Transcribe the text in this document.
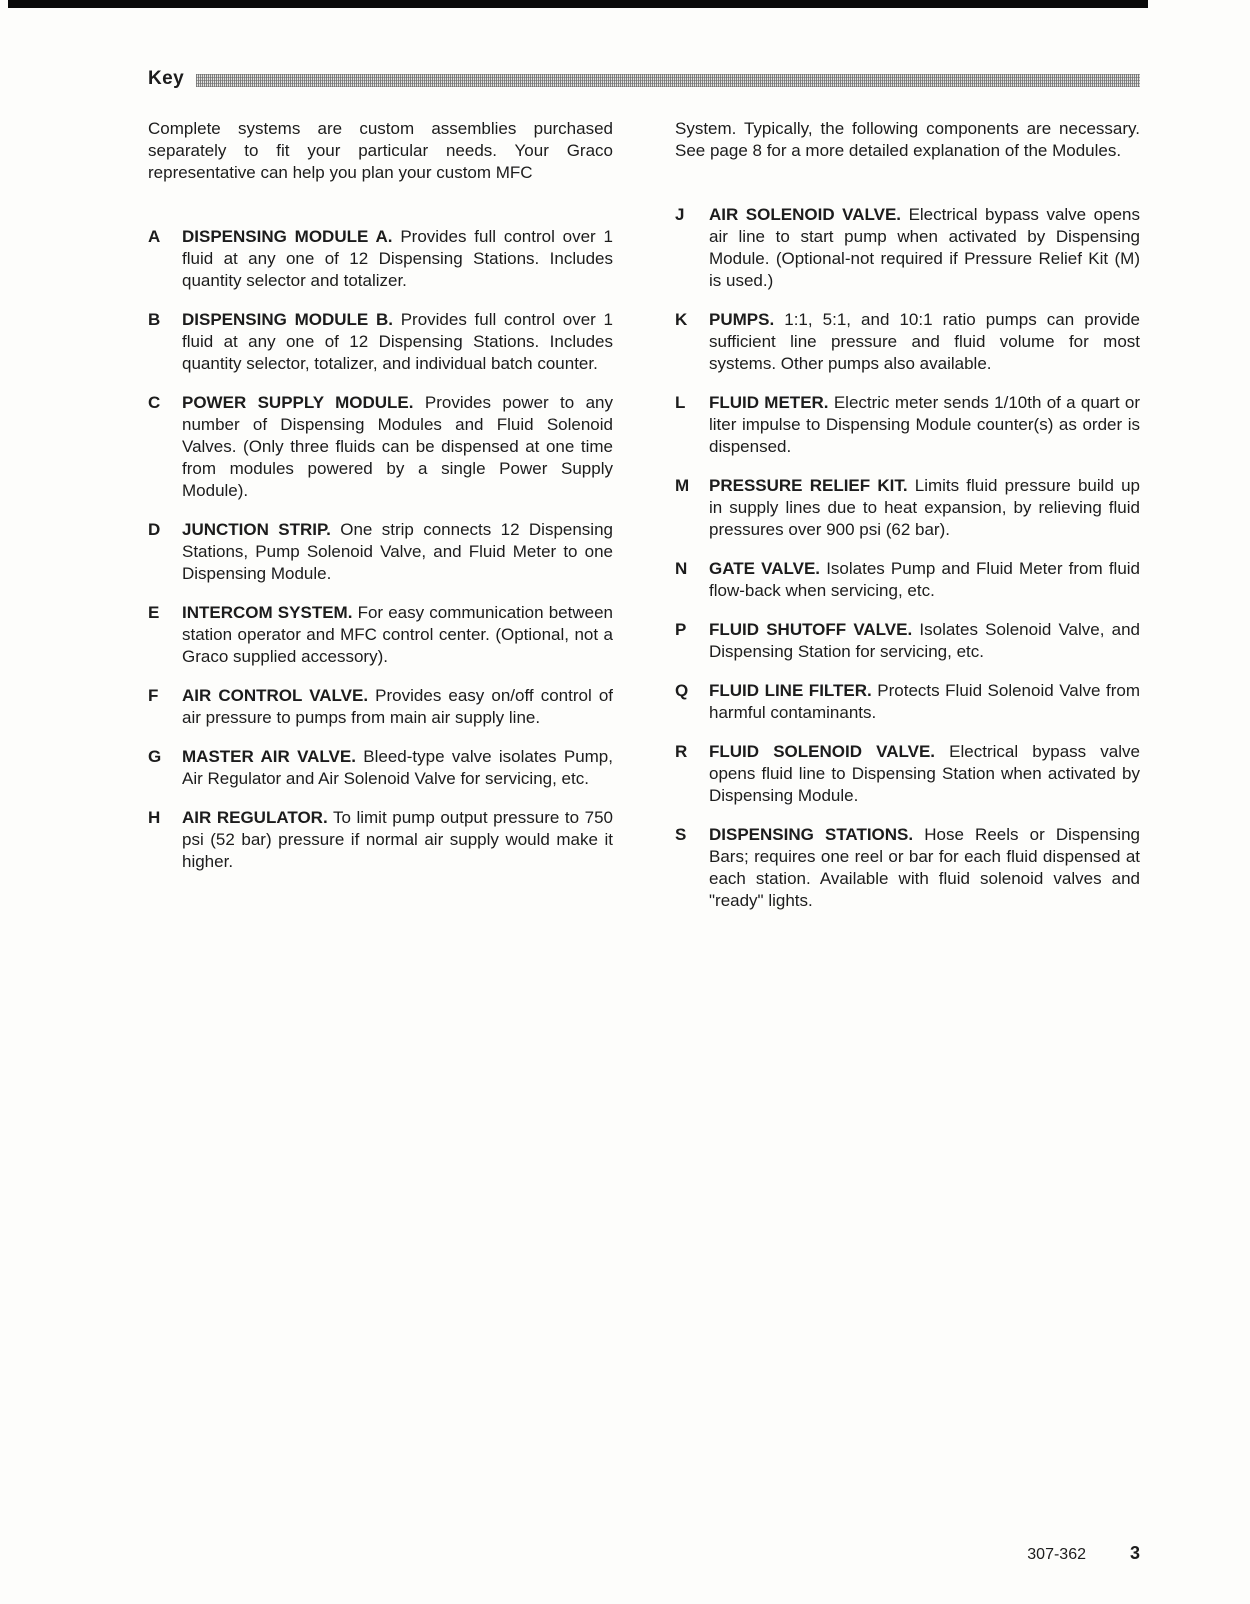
Key

Complete systems are custom assemblies purchased separately to fit your particular needs. Your Graco representative can help you plan your custom MFC

A	DISPENSING MODULE A. Provides full control over 1 fluid at any one of 12 Dispensing Stations. Includes quantity selector and totalizer.

B	DISPENSING MODULE B. Provides full control over 1 fluid at any one of 12 Dispensing Stations. Includes quantity selector, totalizer, and individual batch counter.

C	POWER SUPPLY MODULE. Provides power to any number of Dispensing Modules and Fluid Solenoid Valves. (Only three fluids can be dispensed at one time from modules powered by a single Power Supply Module).

D	JUNCTION STRIP. One strip connects 12 Dispensing Stations, Pump Solenoid Valve, and Fluid Meter to one Dispensing Module.

E	INTERCOM SYSTEM. For easy communication between station operator and MFC control center. (Optional, not a Graco supplied accessory).

F	AIR CONTROL VALVE. Provides easy on/off control of air pressure to pumps from main air supply line.

G	MASTER AIR VALVE. Bleed-type valve isolates Pump, Air Regulator and Air Solenoid Valve for servicing, etc.

H	AIR REGULATOR. To limit pump output pressure to 750 psi (52 bar) pressure if normal air supply would make it higher.

System. Typically, the following components are necessary. See page 8 for a more detailed explanation of the Modules.

J	AIR SOLENOID VALVE. Electrical bypass valve opens air line to start pump when activated by Dispensing Module. (Optional-not required if Pressure Relief Kit (M) is used.)

K	PUMPS. 1:1, 5:1, and 10:1 ratio pumps can provide sufficient line pressure and fluid volume for most systems. Other pumps also available.

L	FLUID METER. Electric meter sends 1/10th of a quart or liter impulse to Dispensing Module counter(s) as order is dispensed.

M	PRESSURE RELIEF KIT. Limits fluid pressure build up in supply lines due to heat expansion, by relieving fluid pressures over 900 psi (62 bar).

N	GATE VALVE. Isolates Pump and Fluid Meter from fluid flow-back when servicing, etc.

P	FLUID SHUTOFF VALVE. Isolates Solenoid Valve, and Dispensing Station for servicing, etc.

Q	FLUID LINE FILTER. Protects Fluid Solenoid Valve from harmful contaminants.

R	FLUID SOLENOID VALVE. Electrical bypass valve opens fluid line to Dispensing Station when activated by Dispensing Module.

S	DISPENSING STATIONS. Hose Reels or Dispensing Bars; requires one reel or bar for each fluid dispensed at each station. Available with fluid solenoid valves and "ready" lights.

307-362 3
